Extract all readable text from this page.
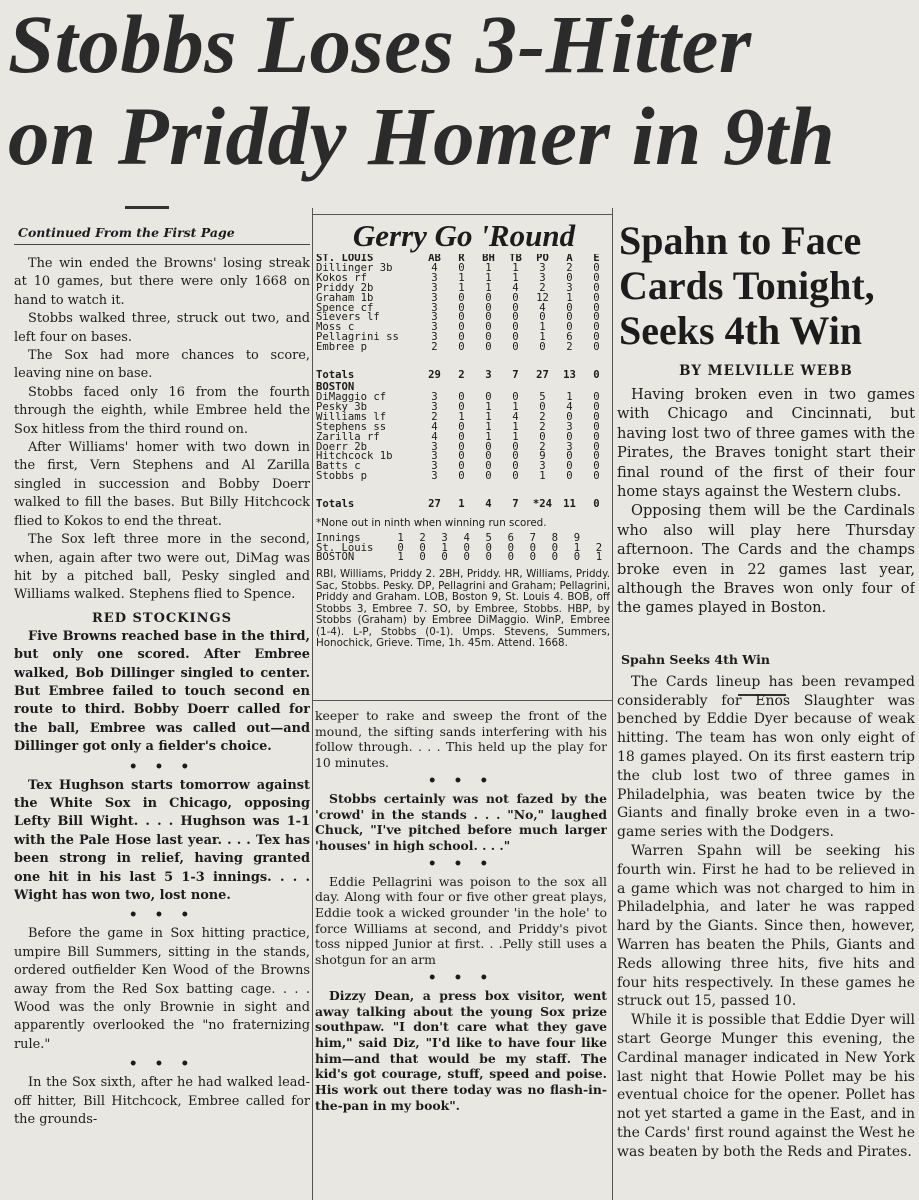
Stobbs Loses 3-Hitter
on Priddy Homer in 9th
Continued From the First Page

The win ended the Browns' losing streak at 10 games, but there were only 1668 on hand to watch it.

Stobbs walked three, struck out two, and left four on bases.

The Sox had more chances to score, leaving nine on base.

Stobbs faced only 16 from the fourth through the eighth, while Embree held the Sox hitless from the third round on.

After Williams' homer with two down in the first, Vern Stephens and Al Zarilla singled in succession and Bobby Doerr walked to fill the bases. But Billy Hitchcock flied to Kokos to end the threat.

The Sox left three more in the second, when, again after two were out, DiMag was hit by a pitched ball, Pesky singled and Williams walked. Stephens flied to Spence.

RED STOCKINGS

Five Browns reached base in the third, but only one scored. After Embree walked, Bob Dillinger singled to center. But Embree failed to touch second en route to third. Bobby Doerr called for the ball, Embree was called out—and Dillinger got only a fielder's choice.

• • •

Tex Hughson starts tomorrow against the White Sox in Chicago, opposing Lefty Bill Wight. . . . Hughson was 1-1 with the Pale Hose last year. . . . Tex has been strong in relief, having granted one hit in his last 5 1-3 innings. . . . Wight has won two, lost none.

• • •

Before the game in Sox hitting practice, umpire Bill Summers, sitting in the stands, ordered outfielder Ken Wood of the Browns away from the Red Sox batting cage. . . . Wood was the only Brownie in sight and apparently overlooked the "no fraternizing rule."

• • •

In the Sox sixth, after he had walked lead-off hitter, Bill Hitchcock, Embree called for the grounds-

Gerry Go 'Round
ST. LOUIS	AB	R	BH	TB	PO	A	E
Dillinger 3b	4	0	1	1	3	2	0
Kokos rf	3	1	1	1	3	0	0
Priddy 2b	3	1	1	4	2	3	0
Graham 1b	3	0	0	0	12	1	0
Spence cf	3	0	0	0	4	0	0
Sievers lf	3	0	0	0	0	0	0
Moss c	3	0	0	0	1	0	0
Pellagrini ss	3	0	0	0	1	6	0
Embree p	2	0	0	0	0	2	0

Totals	29	2	3	7	27	13	0
BOSTON							
DiMaggio cf	3	0	0	0	5	1	0
Pesky 3b	3	0	1	1	0	4	0
Williams lf	2	1	1	4	2	0	0
Stephens ss	4	0	1	1	2	3	0
Zarilla rf	4	0	1	1	0	0	0
Doerr 2b	3	0	0	0	2	3	0
Hitchcock 1b	3	0	0	0	9	0	0
Batts c	3	0	0	0	3	0	0
Stobbs p	3	0	0	0	1	0	0

Totals	27	1	4	7	*24	11	0
*None out in ninth when winning run scored.
Innings	1	2	3	4	5	6	7	8	9	
St. Louis	0	0	1	0	0	0	0	0	1	2
BOSTON	1	0	0	0	0	0	0	0	0	1
RBI, Williams, Priddy 2. 2BH, Priddy. HR, Williams, Priddy. Sac, Stobbs. Pesky. DP, Pellagrini and Graham; Pellagrini, Priddy and Graham. LOB, Boston 9, St. Louis 4. BOB, off Stobbs 3, Embree 7. SO, by Embree, Stobbs. HBP, by Stobbs (Graham) by Embree DiMaggio. WinP, Embree (1-4). L-P, Stobbs (0-1). Umps. Stevens, Summers, Honochick, Grieve. Time, 1h. 45m. Attend. 1668.

keeper to rake and sweep the front of the mound, the sifting sands interfering with his follow through. . . . This held up the play for 10 minutes.

• • •

Stobbs certainly was not fazed by the 'crowd' in the stands . . . "No," laughed Chuck, "I've pitched before much larger 'houses' in high school. . . ."

• • •

Eddie Pellagrini was poison to the sox all day. Along with four or five other great plays, Eddie took a wicked grounder 'in the hole' to force Williams at second, and Priddy's pivot toss nipped Junior at first. . .Pelly still uses a shotgun for an arm

• • •

Dizzy Dean, a press box visitor, went away talking about the young Sox prize southpaw. "I don't care what they gave him," said Diz, "I'd like to have four like him—and that would be my staff. The kid's got courage, stuff, speed and poise. His work out there today was no flash-in-the-pan in my book".

Spahn to Face
Cards Tonight,
Seeks 4th Win
BY MELVILLE WEBB

Having broken even in two games with Chicago and Cincinnati, but having lost two of three games with the Pirates, the Braves tonight start their final round of the first of their four home stays against the Western clubs.

Opposing them will be the Cardinals who also will play here Thursday afternoon. The Cards and the champs broke even in 22 games last year, although the Braves won only four of the games played in Boston.

Spahn Seeks 4th Win

The Cards lineup has been revamped considerably for Enos Slaughter was benched by Eddie Dyer because of weak hitting. The team has won only eight of 18 games played. On its first eastern trip the club lost two of three games in Philadelphia, was beaten twice by the Giants and finally broke even in a two-game series with the Dodgers.

Warren Spahn will be seeking his fourth win. First he had to be relieved in a game which was not charged to him in Philadelphia, and later he was rapped hard by the Giants. Since then, however, Warren has beaten the Phils, Giants and Reds allowing three hits, five hits and four hits respectively. In these games he struck out 15, passed 10.

While it is possible that Eddie Dyer will start George Munger this evening, the Cardinal manager indicated in New York last night that Howie Pollet may be his eventual choice for the opener. Pollet has not yet started a game in the East, and in the Cards' first round against the West he was beaten by both the Reds and Pirates.
